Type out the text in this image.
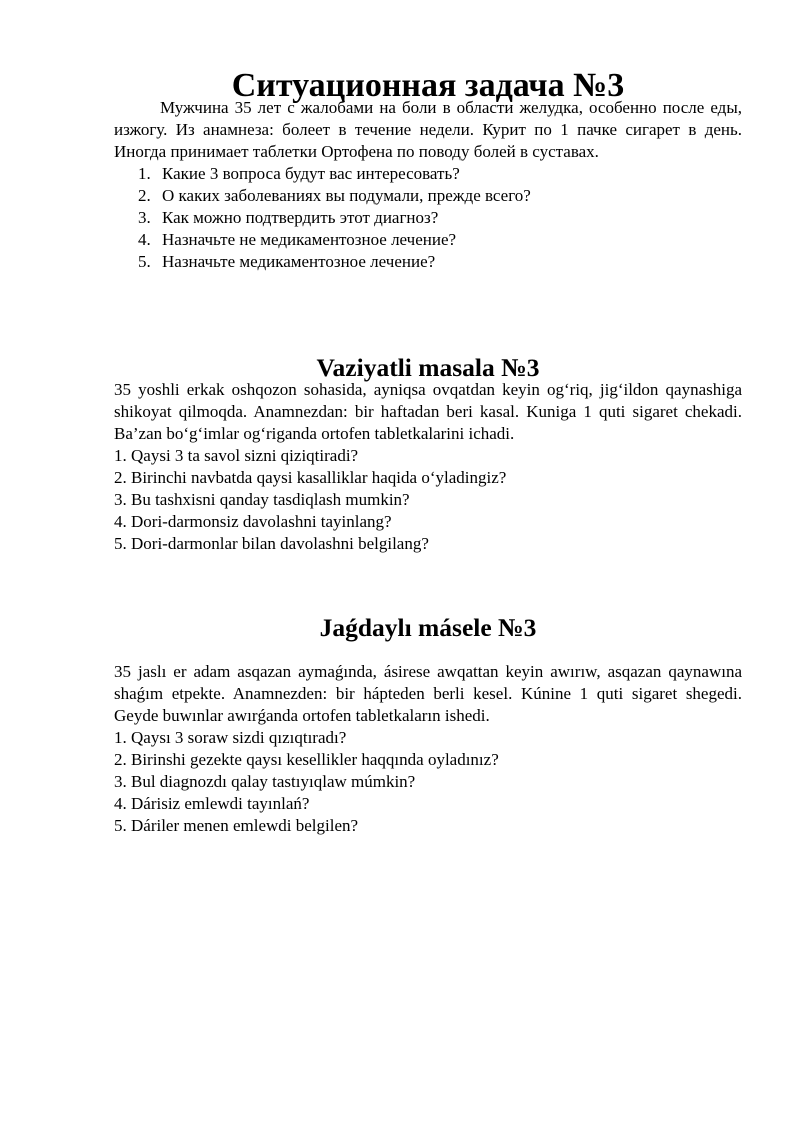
Ситуационная задача №3

Мужчина 35 лет с жалобами на боли в области желудка, особенно после еды, изжогу. Из анамнеза: болеет в течение недели. Курит по 1 пачке сигарет в день. Иногда принимает таблетки Ортофена по поводу болей в суставах.

1. Какие 3 вопроса будут вас интересовать?
2. О каких заболеваниях вы подумали, прежде всего?
3. Как можно подтвердить этот диагноз?
4. Назначьте не медикаментозное лечение?
5. Назначьте медикаментозное лечение?
Vaziyatli masala №3

35 yoshli erkak oshqozon sohasida, ayniqsa ovqatdan keyin og‘riq, jig‘ildon qaynashiga shikoyat qilmoqda. Anamnezdan: bir haftadan beri kasal. Kuniga 1 quti sigaret chekadi. Ba’zan bo‘g‘imlar og‘riganda ortofen tabletkalarini ichadi.

1. Qaysi 3 ta savol sizni qiziqtiradi?
2. Birinchi navbatda qaysi kasalliklar haqida o‘yladingiz?
3. Bu tashxisni qanday tasdiqlash mumkin?
4. Dori-darmonsiz davolashni tayinlang?
5. Dori-darmonlar bilan davolashni belgilang?
Jaǵdaylı másele №3

35 jaslı er adam asqazan aymaǵında, ásirese awqattan keyin awırıw, asqazan qaynawına shaǵım etpekte. Anamnezden: bir hápteden berli kesel. Kúnine 1 quti sigaret shegedi. Geyde buwınlar awırǵanda ortofen tabletkaların ishedi.

1. Qaysı 3 soraw sizdi qızıqtıradı?
2. Birinshi gezekte qaysı kesellikler haqqında oyladınız?
3. Bul diagnozdı qalay tastıyıqlaw múmkin?
4. Dárisiz emlewdi tayınlań?
5. Dáriler menen emlewdi belgilen?
